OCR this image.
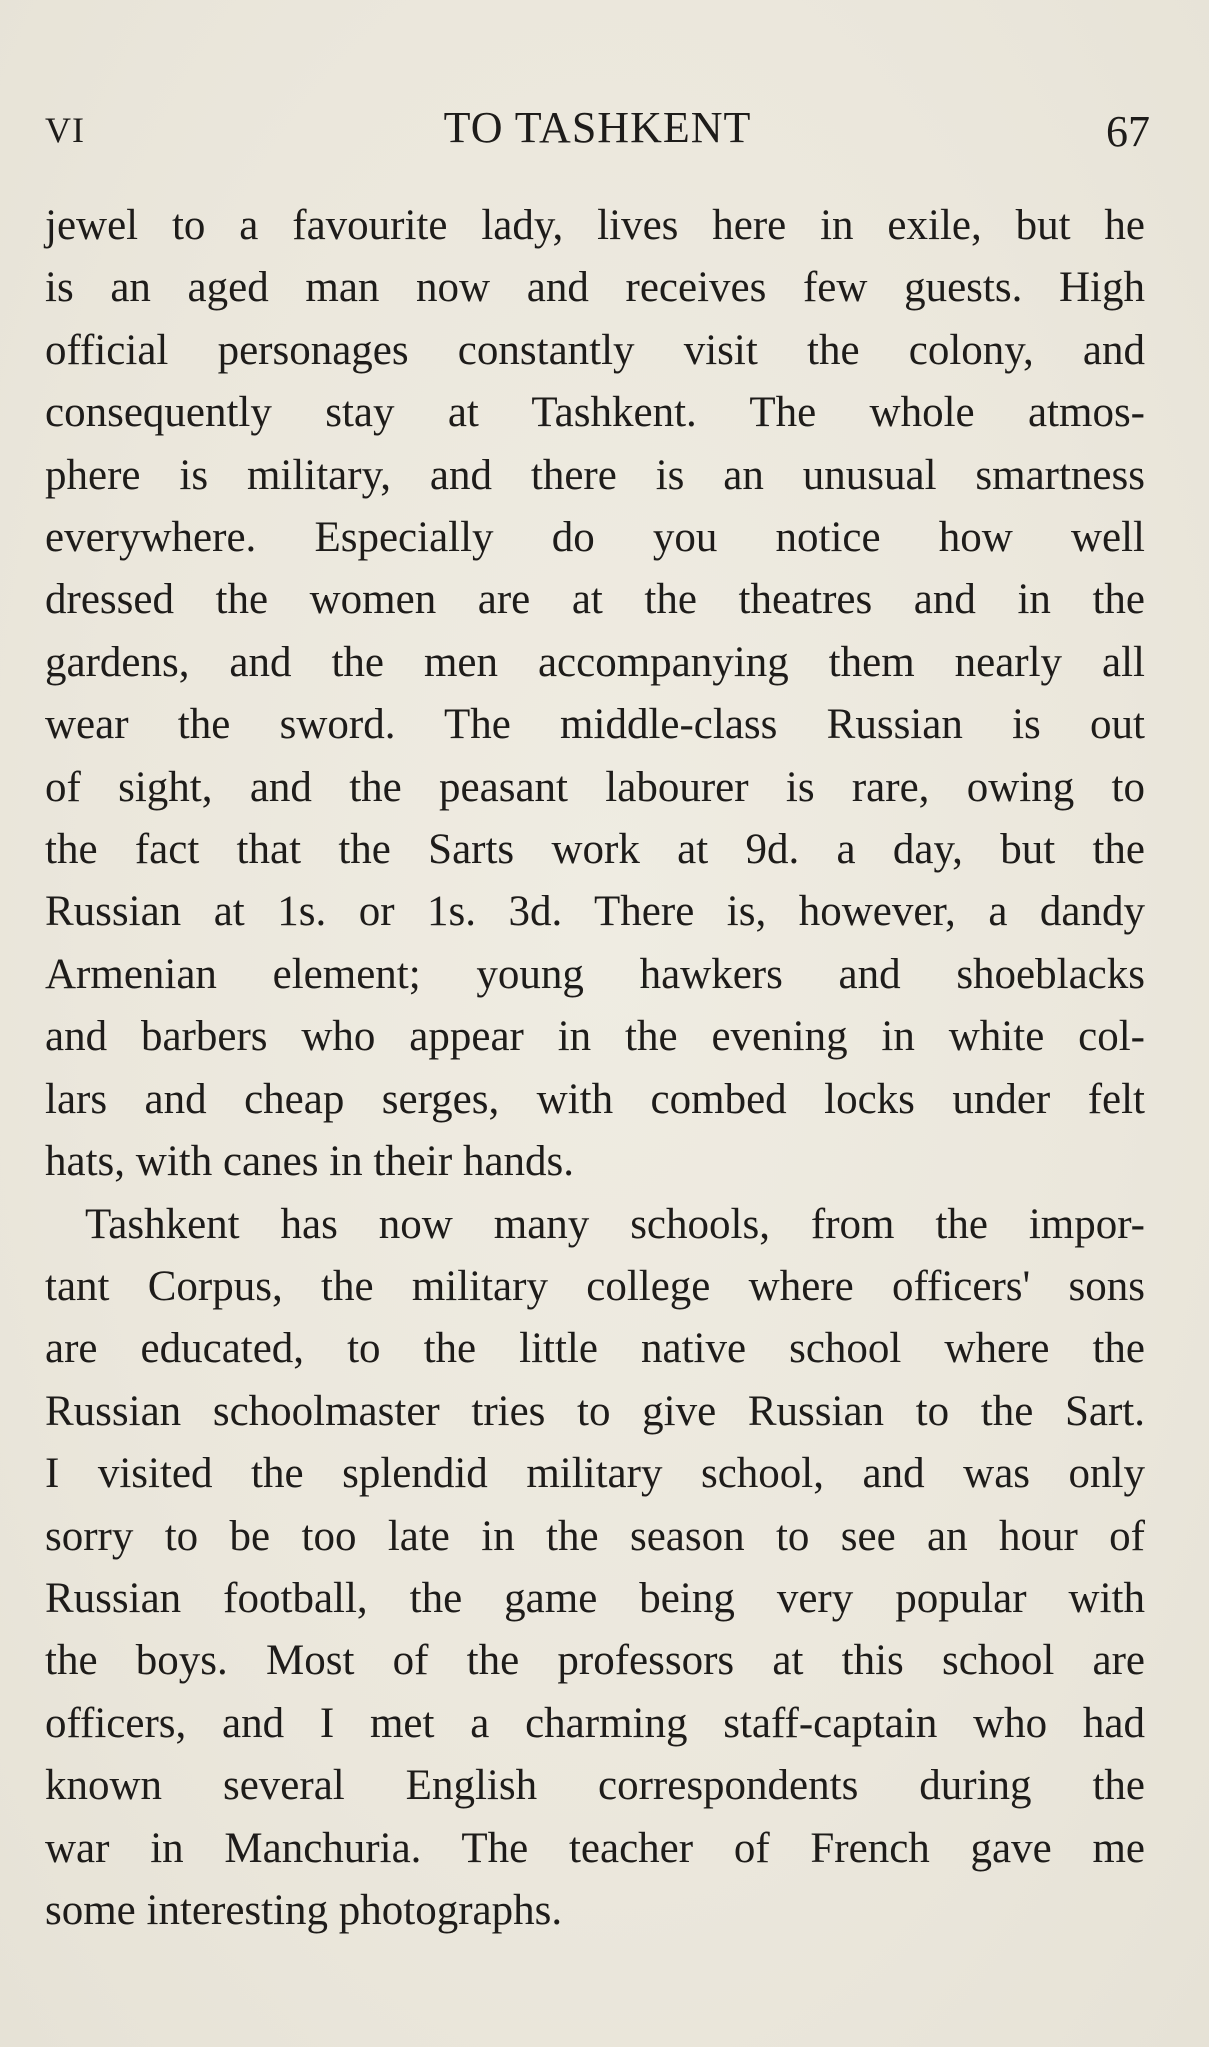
VI	TO TASHKENT	67
jewel to a favourite lady, lives here in exile, but he
is an aged man now and receives few guests. High
official personages constantly visit the colony, and
consequently stay at Tashkent. The whole atmos-
phere is military, and there is an unusual smartness
everywhere. Especially do you notice how well
dressed the women are at the theatres and in the
gardens, and the men accompanying them nearly all
wear the sword. The middle-class Russian is out
of sight, and the peasant labourer is rare, owing to
the fact that the Sarts work at 9d. a day, but the
Russian at 1s. or 1s. 3d. There is, however, a dandy
Armenian element; young hawkers and shoeblacks
and barbers who appear in the evening in white col-
lars and cheap serges, with combed locks under felt
hats, with canes in their hands.
Tashkent has now many schools, from the impor-
tant Corpus, the military college where officers' sons
are educated, to the little native school where the
Russian schoolmaster tries to give Russian to the Sart.
I visited the splendid military school, and was only
sorry to be too late in the season to see an hour of
Russian football, the game being very popular with
the boys. Most of the professors at this school are
officers, and I met a charming staff-captain who had
known several English correspondents during the
war in Manchuria. The teacher of French gave me
some interesting photographs.
